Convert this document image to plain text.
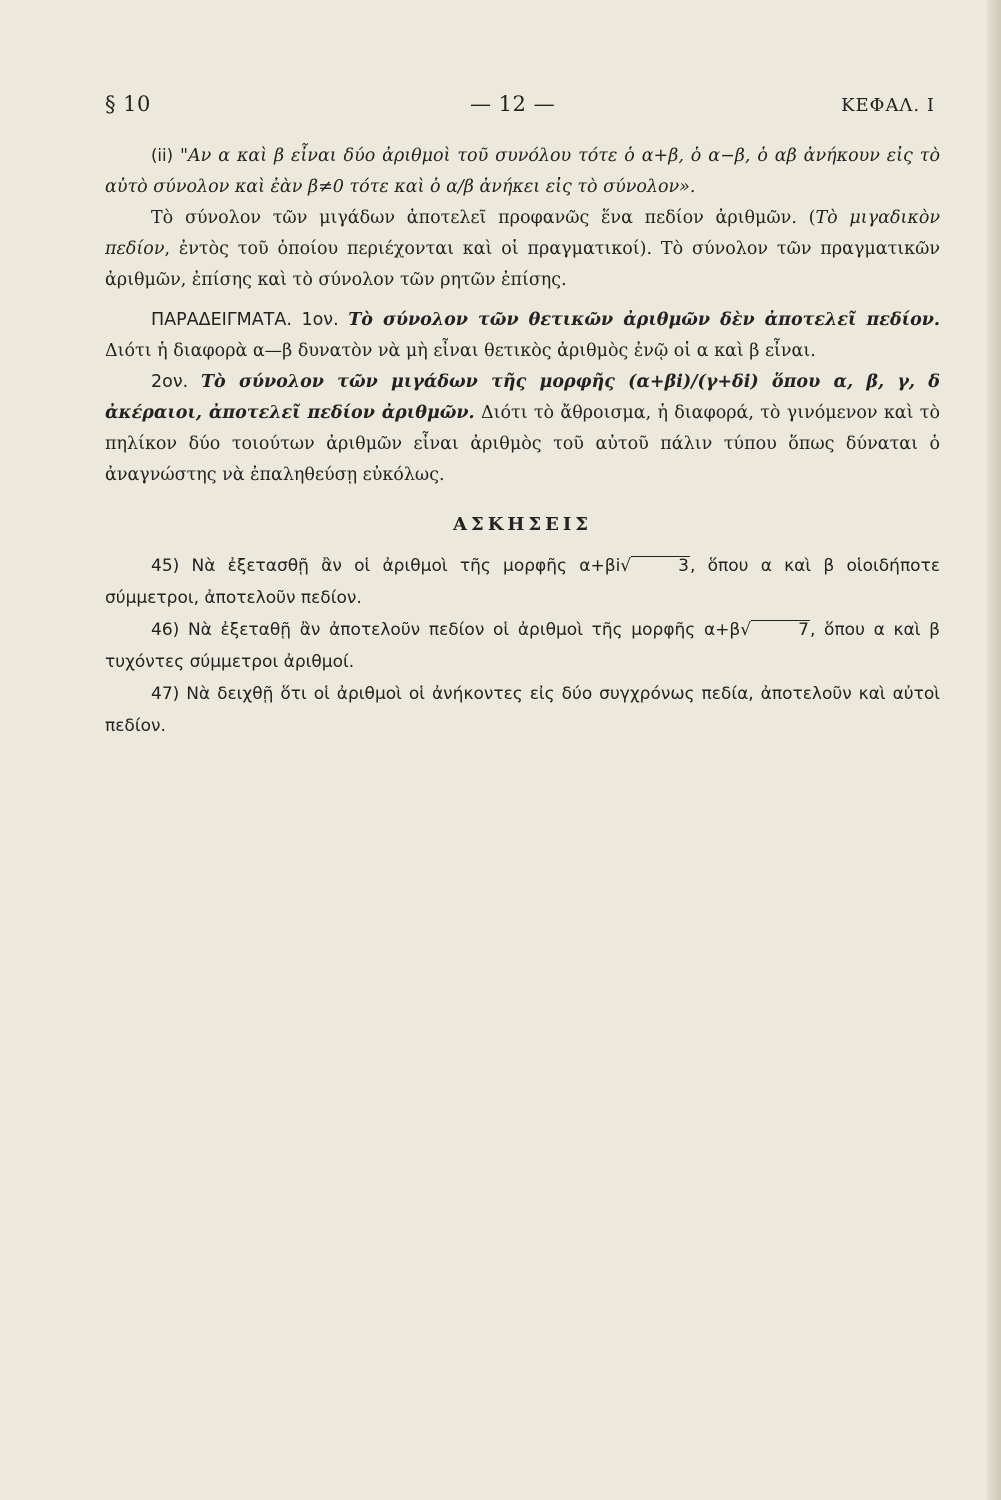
§ 10	— 12 —	ΚΕΦΑΛ. Ι

(ii) "Αν α καὶ β εἶναι δύο ἀριθμοὶ τοῦ συνόλου τότε ὁ α+β, ὁ α−β, ὁ αβ ἀνήκουν εἰς τὸ αὐτὸ σύνολον καὶ ἐὰν β≠0 τότε καὶ ὁ α/β ἀνήκει εἰς τὸ σύνολον».

Τὸ σύνολον τῶν μιγάδων ἀποτελεῖ προφανῶς ἕνα πεδίον ἀριθμῶν. (Τὸ μιγαδικὸν πεδίον, ἐντὸς τοῦ ὁποίου περιέχονται καὶ οἱ πραγματικοί). Τὸ σύνολον τῶν πραγματικῶν ἀριθμῶν, ἐπίσης καὶ τὸ σύνολον τῶν ρητῶν ἐπίσης.

ΠΑΡΑΔΕΙΓΜΑΤΑ. 1ον. Τὸ σύνολον τῶν θετικῶν ἀριθμῶν δὲν ἀποτελεῖ πεδίον. Διότι ἡ διαφορὰ α—β δυνατὸν νὰ μὴ εἶναι θετικὸς ἀριθμὸς ἐνῷ οἱ α καὶ β εἶναι.

2ον. Τὸ σύνολον τῶν μιγάδων τῆς μορφῆς (α+βi)/(γ+δi) ὅπου α, β, γ, δ ἀκέραιοι, ἀποτελεῖ πεδίον ἀριθμῶν. Διότι τὸ ἄθροισμα, ἡ διαφορά, τὸ γινόμενον καὶ τὸ πηλίκον δύο τοιούτων ἀριθμῶν εἶναι ἀριθμὸς τοῦ αὐτοῦ πάλιν τύπου ὅπως δύναται ὁ ἀναγνώστης νὰ ἐπαληθεύσῃ εὐκόλως.

ΑΣΚΗΣΕΙΣ

45) Νὰ ἐξετασθῇ ἂν οἱ ἀριθμοὶ τῆς μορφῆς α+βi√	3, ὅπου α καὶ β οἱοιδήποτε σύμμετροι, ἀποτελοῦν πεδίον.

46) Νὰ ἐξεταθῇ ἂν ἀποτελοῦν πεδίον οἱ ἀριθμοὶ τῆς μορφῆς α+β√	7, ὅπου α καὶ β τυχόντες σύμμετροι ἀριθμοί.

47) Νὰ δειχθῇ ὅτι οἱ ἀριθμοὶ οἱ ἀνήκοντες εἰς δύο συγχρόνως πεδία, ἀποτελοῦν καὶ αὐτοὶ πεδίον.
